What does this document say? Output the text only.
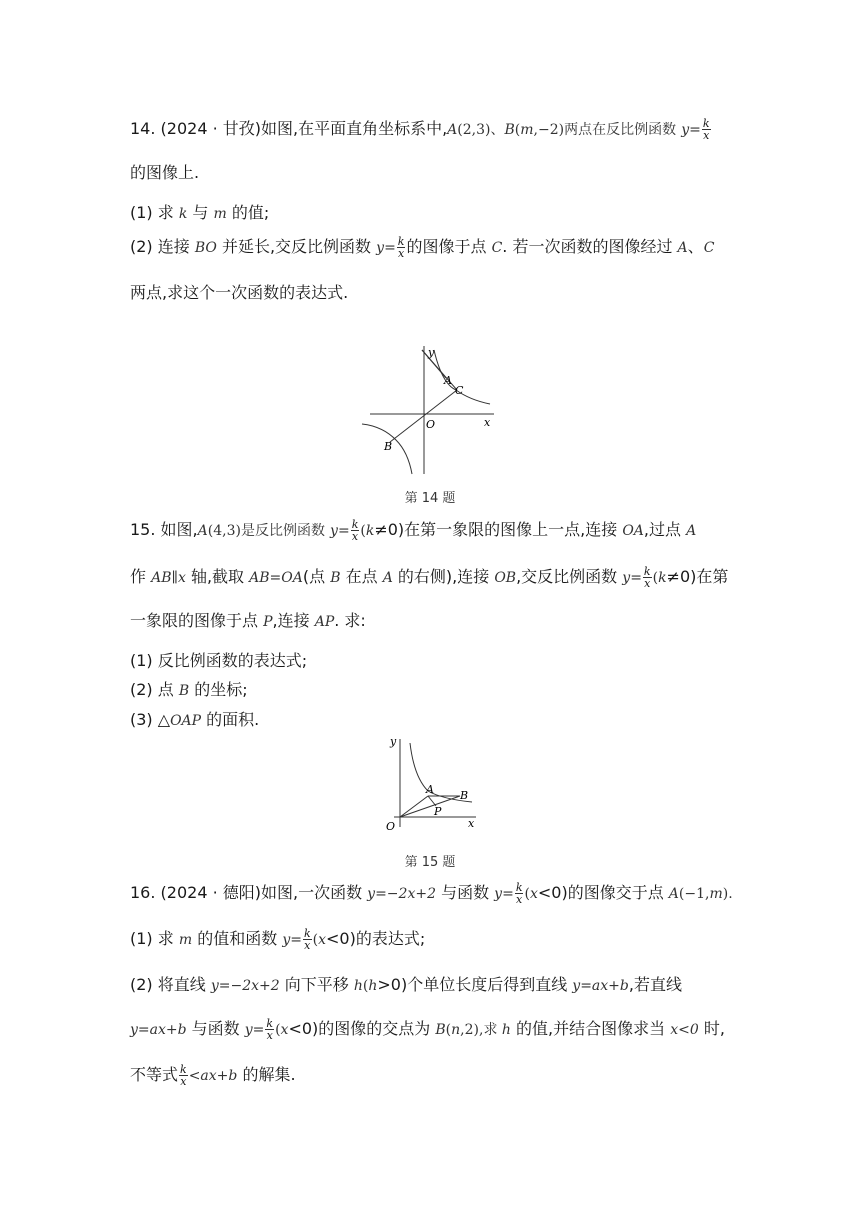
14. (2024 · 甘孜)如图,在平面直角坐标系中,A(2,3)、B(m,−2)两点在反比例函数 $y= \frac{k}{x}$
的图像上.
(1) 求 k 与 m 的值;
(2) 连接 BO 并延长,交反比例函数 $y= \frac{k}{x}$ 的图像于点 C. 若一次函数的图像经过 A、C
两点,求这个一次函数的表达式.
y
x
O
A
C
B
第 14 题
15. 如图,A(4,3)是反比例函数 $y= \frac{k}{x} (k\ne 0)$在第一象限的图像上一点,连接 OA,过点 A
作 AB∥x 轴,截取 AB=OA(点 B 在点 A 的右侧),连接 OB,交反比例函数 $y= \frac{k}{x} (k\ne 0)$在第
一象限的图像于点 P,连接 AP. 求:
(1) 反比例函数的表达式;
(2) 点 B 的坐标;
(3) △OAP 的面积.
y
x
O
A B
P
第 15 题
16. (2024 · 德阳)如图,一次函数 y=−2x+2 与函数 $y= \frac{k}{x} (x<0)$的图像交于点 A(−1,m).
(1) 求 m 的值和函数 $y= \frac{k}{x} (x<0)$的表达式;
(2) 将直线 y=−2x+2 向下平移 h(h>0)个单位长度后得到直线 y=ax+b,若直线
y=ax+b 与函数 $y= \frac{k}{x} (x<0)$的图像的交点为 B(n,2),求 h 的值,并结合图像求当 x<0 时,
不等式 $\frac{k}{x} <ax+b$ 的解集.
